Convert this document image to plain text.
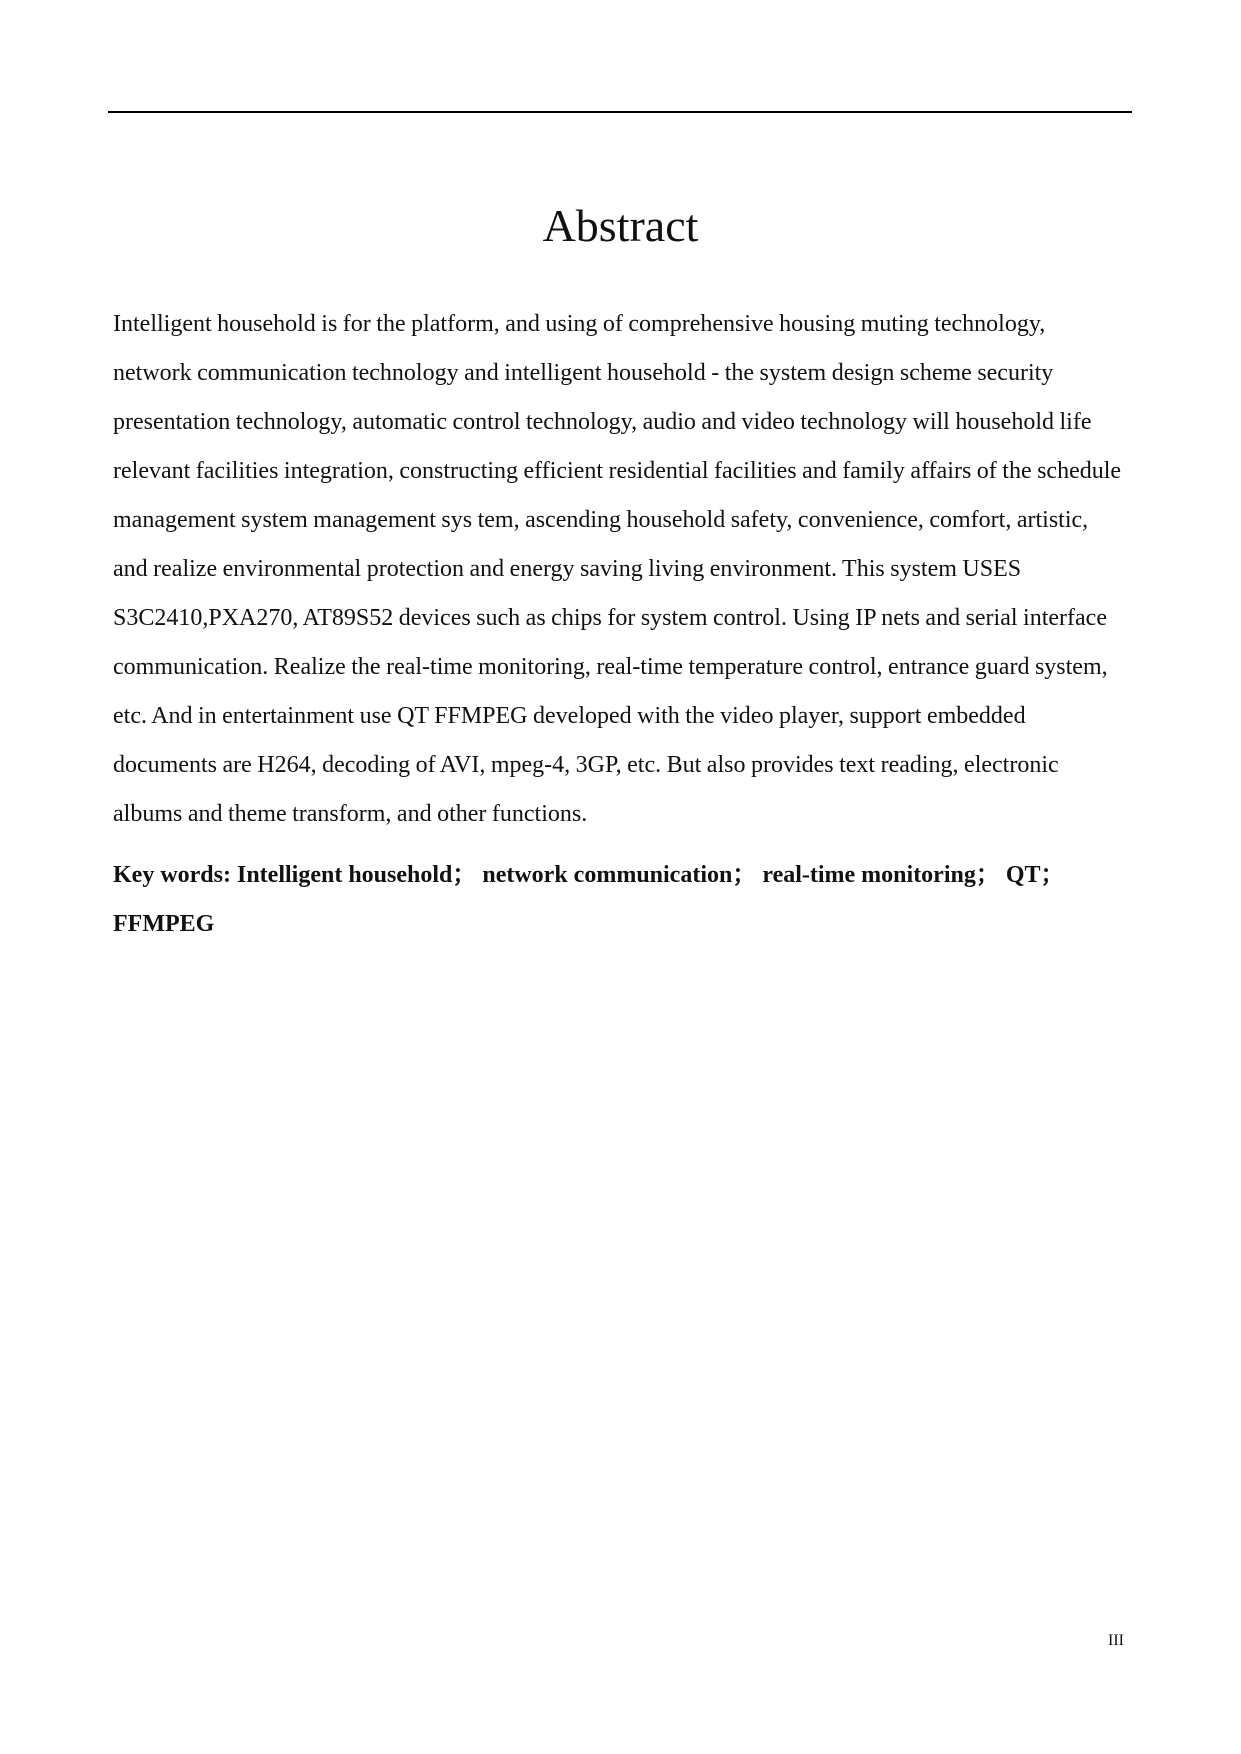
Abstract

Intelligent household is for the platform, and using of comprehensive housing muting technology, network communication technology and intelligent household - the system design scheme security presentation technology, automatic control technology, audio and video technology will household life relevant facilities integration, constructing efficient residential facilities and family affairs of the schedule management system management sys tem, ascending household safety, convenience, comfort, artistic, and realize environmental protection and energy saving living environment. This system USES S3C2410,PXA270, AT89S52 devices such as chips for system control. Using IP nets and serial interface communication. Realize the real-time monitoring, real-time temperature control, entrance guard system, etc. And in entertainment use QT FFMPEG developed with the video player, support embedded documents are H264, decoding of AVI, mpeg-4, 3GP, etc. But also provides text reading, electronic albums and theme transform, and other functions.

Key words: Intelligent household； network communication； real-time monitoring； QT； FFMPEG

III
